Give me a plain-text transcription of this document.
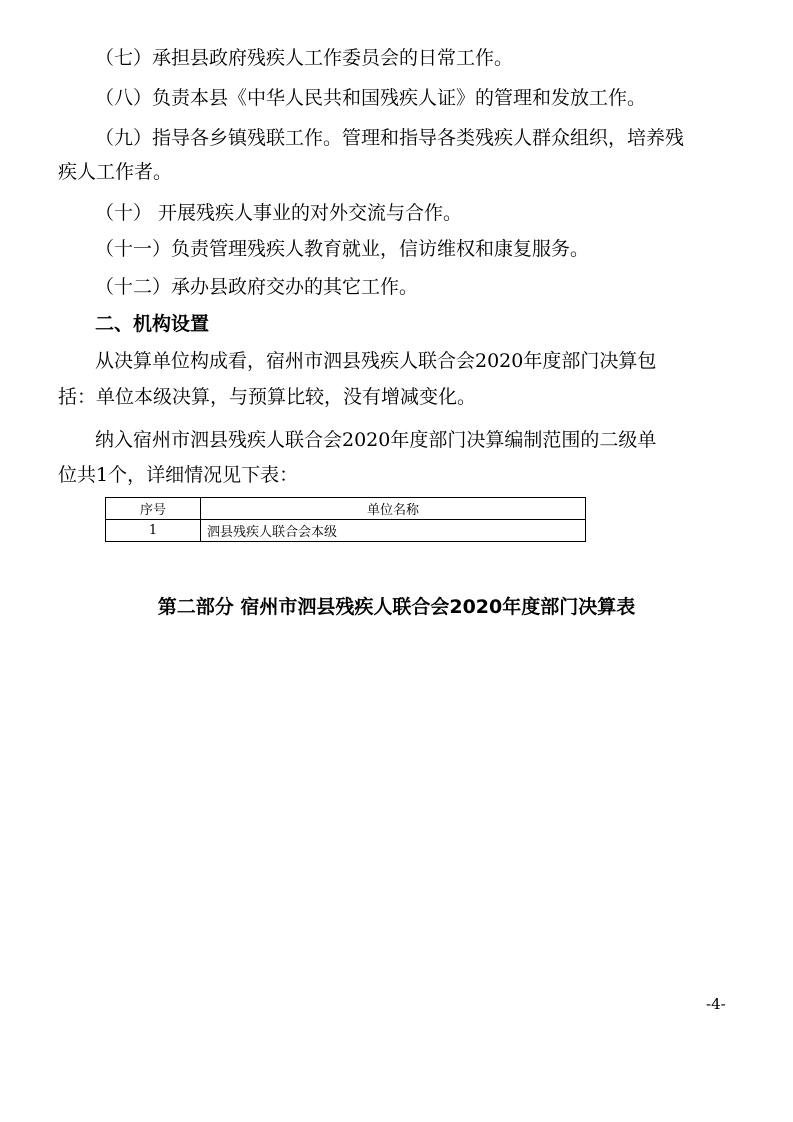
（七）承担县政府残疾人工作委员会的日常工作。
（八）负责本县《中华人民共和国残疾人证》的管理和发放工作。
（九）指导各乡镇残联工作。管理和指导各类残疾人群众组织，培养残
疾人工作者。
（十） 开展残疾人事业的对外交流与合作。
（十一）负责管理残疾人教育就业，信访维权和康复服务。
（十二）承办县政府交办的其它工作。
二、机构设置
从决算单位构成看，宿州市泗县残疾人联合会2020年度部门决算包
括：单位本级决算，与预算比较，没有增减变化。
纳入宿州市泗县残疾人联合会2020年度部门决算编制范围的二级单
位共1个，详细情况见下表：
序号	单位名称
1	泗县残疾人联合会本级
第二部分 宿州市泗县残疾人联合会2020年度部门决算表
-4-
